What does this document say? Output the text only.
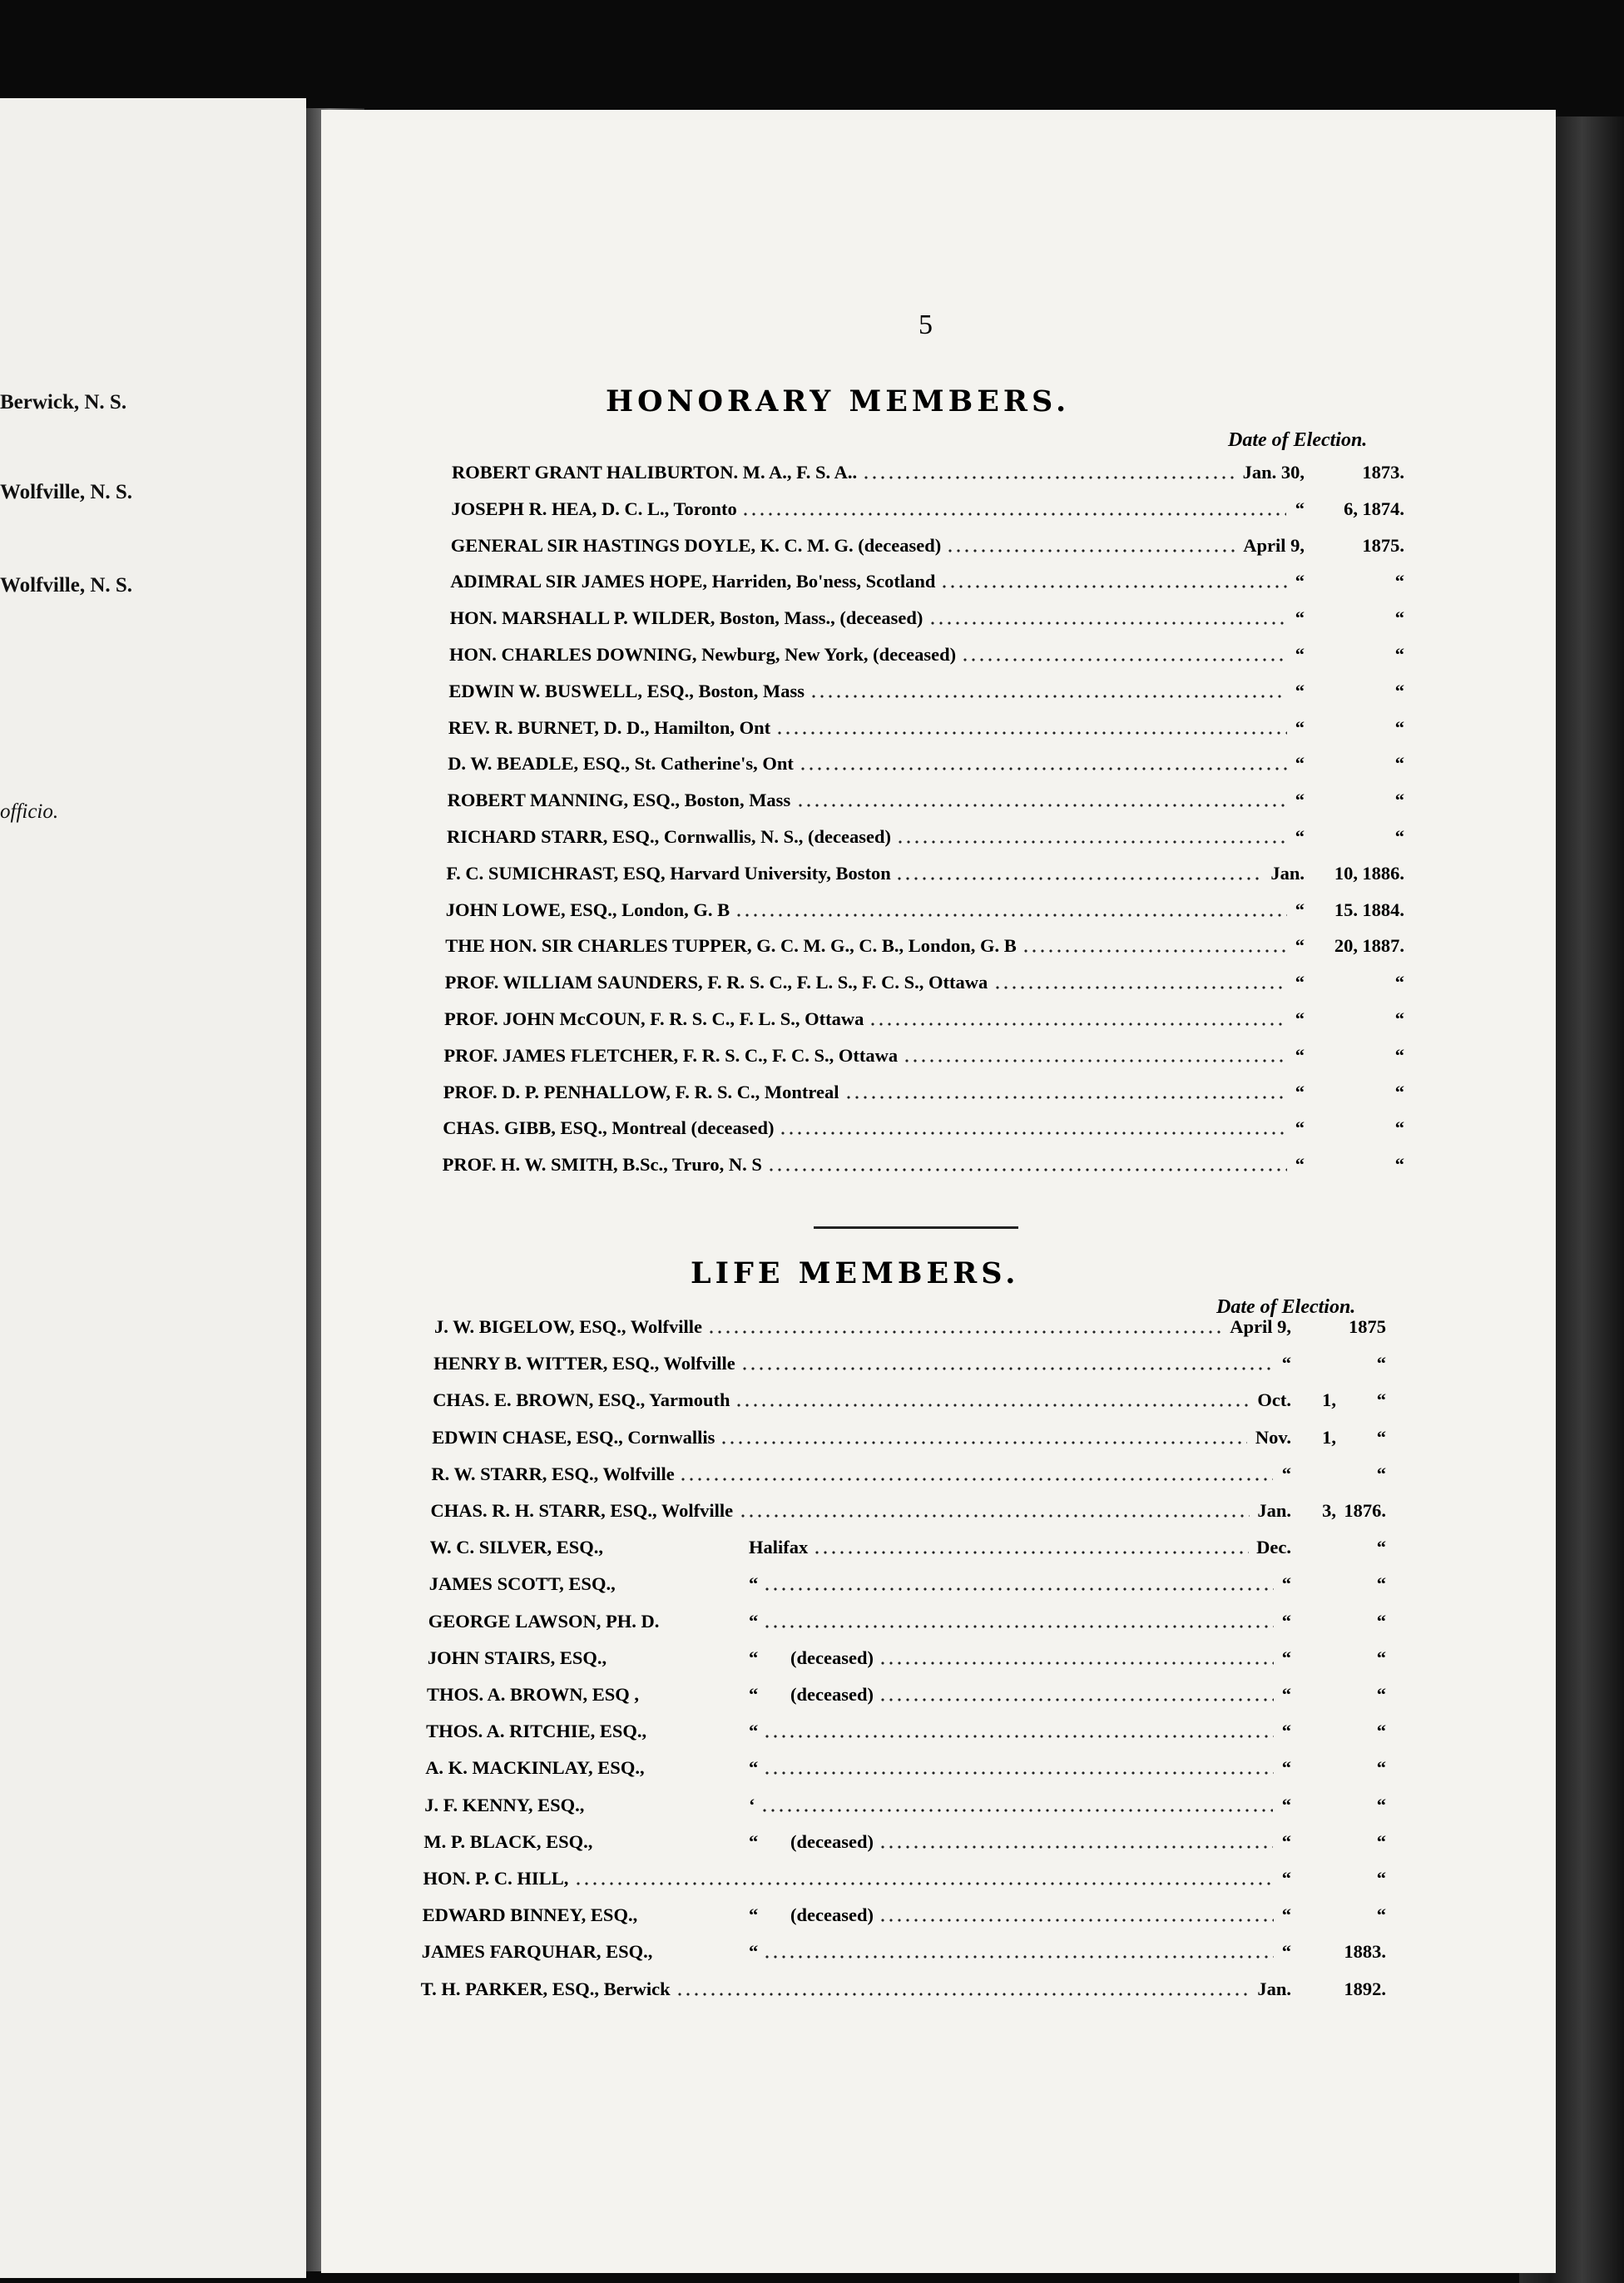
Berwick, N. S.
Wolfville, N. S.
Wolfville, N. S.
officio.
5
HONORARY MEMBERS.
Date of Election.
ROBERT GRANT HALIBURTON. M. A., F. S. A..	Jan. 30,	1873.
JOSEPH R. HEA, D. C. L., Toronto	“ 6, 1874.
GENERAL SIR HASTINGS DOYLE, K. C. M. G. (deceased)	April 9,	1875.
ADIMRAL SIR JAMES HOPE, Harriden, Bo'ness, Scotland	“	“
HON. MARSHALL P. WILDER, Boston, Mass., (deceased)	“	“
HON. CHARLES DOWNING, Newburg, New York, (deceased)	“	“
EDWIN W. BUSWELL, ESQ., Boston, Mass	“	“
REV. R. BURNET, D. D., Hamilton, Ont	“	“
D. W. BEADLE, ESQ., St. Catherine's, Ont	“	“
ROBERT MANNING, ESQ., Boston, Mass	“	“
RICHARD STARR, ESQ., Cornwallis, N. S., (deceased)	“	“
F. C. SUMICHRAST, ESQ, Harvard University, Boston	Jan. 10, 1886.
JOHN LOWE, ESQ., London, G. B	“ 15. 1884.
THE HON. SIR CHARLES TUPPER, G. C. M. G., C. B., London, G. B	“ 20, 1887.
PROF. WILLIAM SAUNDERS, F. R. S. C., F. L. S., F. C. S., Ottawa	“	“
PROF. JOHN McCOUN, F. R. S. C., F. L. S., Ottawa	“	“
PROF. JAMES FLETCHER, F. R. S. C., F. C. S., Ottawa	“	“
PROF. D. P. PENHALLOW, F. R. S. C., Montreal	“	“
CHAS. GIBB, ESQ., Montreal (deceased)	“	“
PROF. H. W. SMITH, B.Sc., Truro, N. S	“	“
LIFE MEMBERS.
Date of Election.
J. W. BIGELOW, ESQ., Wolfville	April 9,	1875
HENRY B. WITTER, ESQ., Wolfville	“	“
CHAS. E. BROWN, ESQ., Yarmouth	Oct. 1, “
EDWIN CHASE, ESQ., Cornwallis	Nov. 1, “
R. W. STARR, ESQ., Wolfville	“	“
CHAS. R. H. STARR, ESQ., Wolfville	Jan. 3, 1876.
W. C. SILVER, ESQ.,	Halifax	Dec.	“
JAMES SCOTT, ESQ.,	“	“	“
GEORGE LAWSON, PH. D.	“	“	“
JOHN STAIRS, ESQ.,	“ (deceased)	“	“
THOS. A. BROWN, ESQ ,	“ (deceased)	“	“
THOS. A. RITCHIE, ESQ.,	“	“	“
A. K. MACKINLAY, ESQ.,	“	“	“
J. F. KENNY, ESQ.,	‘	“	“
M. P. BLACK, ESQ.,	“ (deceased)	“	“
HON. P. C. HILL,	“	“
EDWARD BINNEY, ESQ.,	“ (deceased)	“	“
JAMES FARQUHAR, ESQ.,	“	“	1883.
T. H. PARKER, ESQ., Berwick	Jan.	1892.
